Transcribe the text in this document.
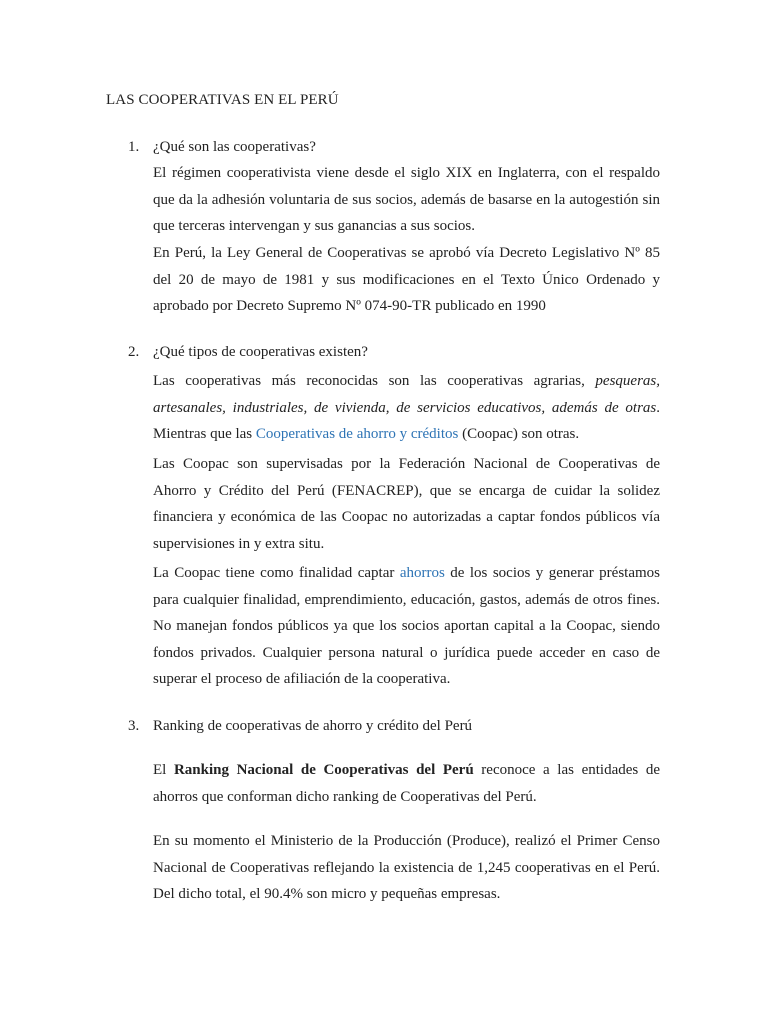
LAS COOPERATIVAS EN EL PERÚ
1. ¿Qué son las cooperativas?
El régimen cooperativista viene desde el siglo XIX en Inglaterra, con el respaldo que da la adhesión voluntaria de sus socios, además de basarse en la autogestión sin que terceras intervengan y sus ganancias a sus socios.
En Perú, la Ley General de Cooperativas se aprobó vía Decreto Legislativo Nº 85 del 20 de mayo de 1981 y sus modificaciones en el Texto Único Ordenado y aprobado por Decreto Supremo Nº 074-90-TR publicado en 1990
2. ¿Qué tipos de cooperativas existen?
Las cooperativas más reconocidas son las cooperativas agrarias, pesqueras, artesanales, industriales, de vivienda, de servicios educativos, además de otras. Mientras que las Cooperativas de ahorro y créditos (Coopac) son otras.
Las Coopac son supervisadas por la Federación Nacional de Cooperativas de Ahorro y Crédito del Perú (FENACREP), que se encarga de cuidar la solidez financiera y económica de las Coopac no autorizadas a captar fondos públicos vía supervisiones in y extra situ.
La Coopac tiene como finalidad captar ahorros de los socios y generar préstamos para cualquier finalidad, emprendimiento, educación, gastos, además de otros fines. No manejan fondos públicos ya que los socios aportan capital a la Coopac, siendo fondos privados. Cualquier persona natural o jurídica puede acceder en caso de superar el proceso de afiliación de la cooperativa.
3. Ranking de cooperativas de ahorro y crédito del Perú
El Ranking Nacional de Cooperativas del Perú reconoce a las entidades de ahorros que conforman dicho ranking de Cooperativas del Perú.
En su momento el Ministerio de la Producción (Produce), realizó el Primer Censo Nacional de Cooperativas reflejando la existencia de 1,245 cooperativas en el Perú. Del dicho total, el 90.4% son micro y pequeñas empresas.
